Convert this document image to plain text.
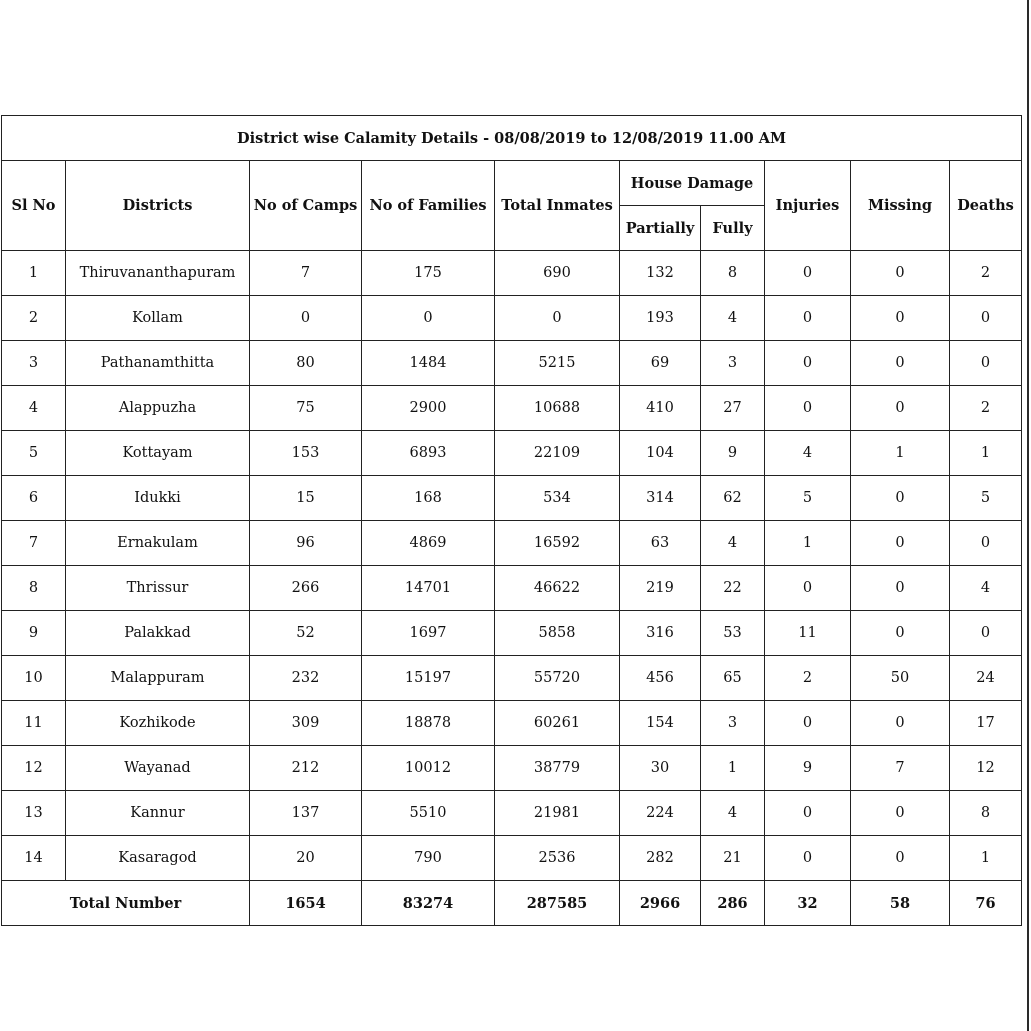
District wise Calamity Details - 08/08/2019 to 12/08/2019 11.00 AM									
Sl No	Districts	No of Camps	No of Families	Total Inmates	House Damage		Injuries	Missing	Deaths
					Partially	Fully			
1	Thiruvananthapuram	7	175	690	132	8	0	0	2
2	Kollam	0	0	0	193	4	0	0	0
3	Pathanamthitta	80	1484	5215	69	3	0	0	0
4	Alappuzha	75	2900	10688	410	27	0	0	2
5	Kottayam	153	6893	22109	104	9	4	1	1
6	Idukki	15	168	534	314	62	5	0	5
7	Ernakulam	96	4869	16592	63	4	1	0	0
8	Thrissur	266	14701	46622	219	22	0	0	4
9	Palakkad	52	1697	5858	316	53	11	0	0
10	Malappuram	232	15197	55720	456	65	2	50	24
11	Kozhikode	309	18878	60261	154	3	0	0	17
12	Wayanad	212	10012	38779	30	1	9	7	12
13	Kannur	137	5510	21981	224	4	0	0	8
14	Kasaragod	20	790	2536	282	21	0	0	1
Total Number		1654	83274	287585	2966	286	32	58	76
